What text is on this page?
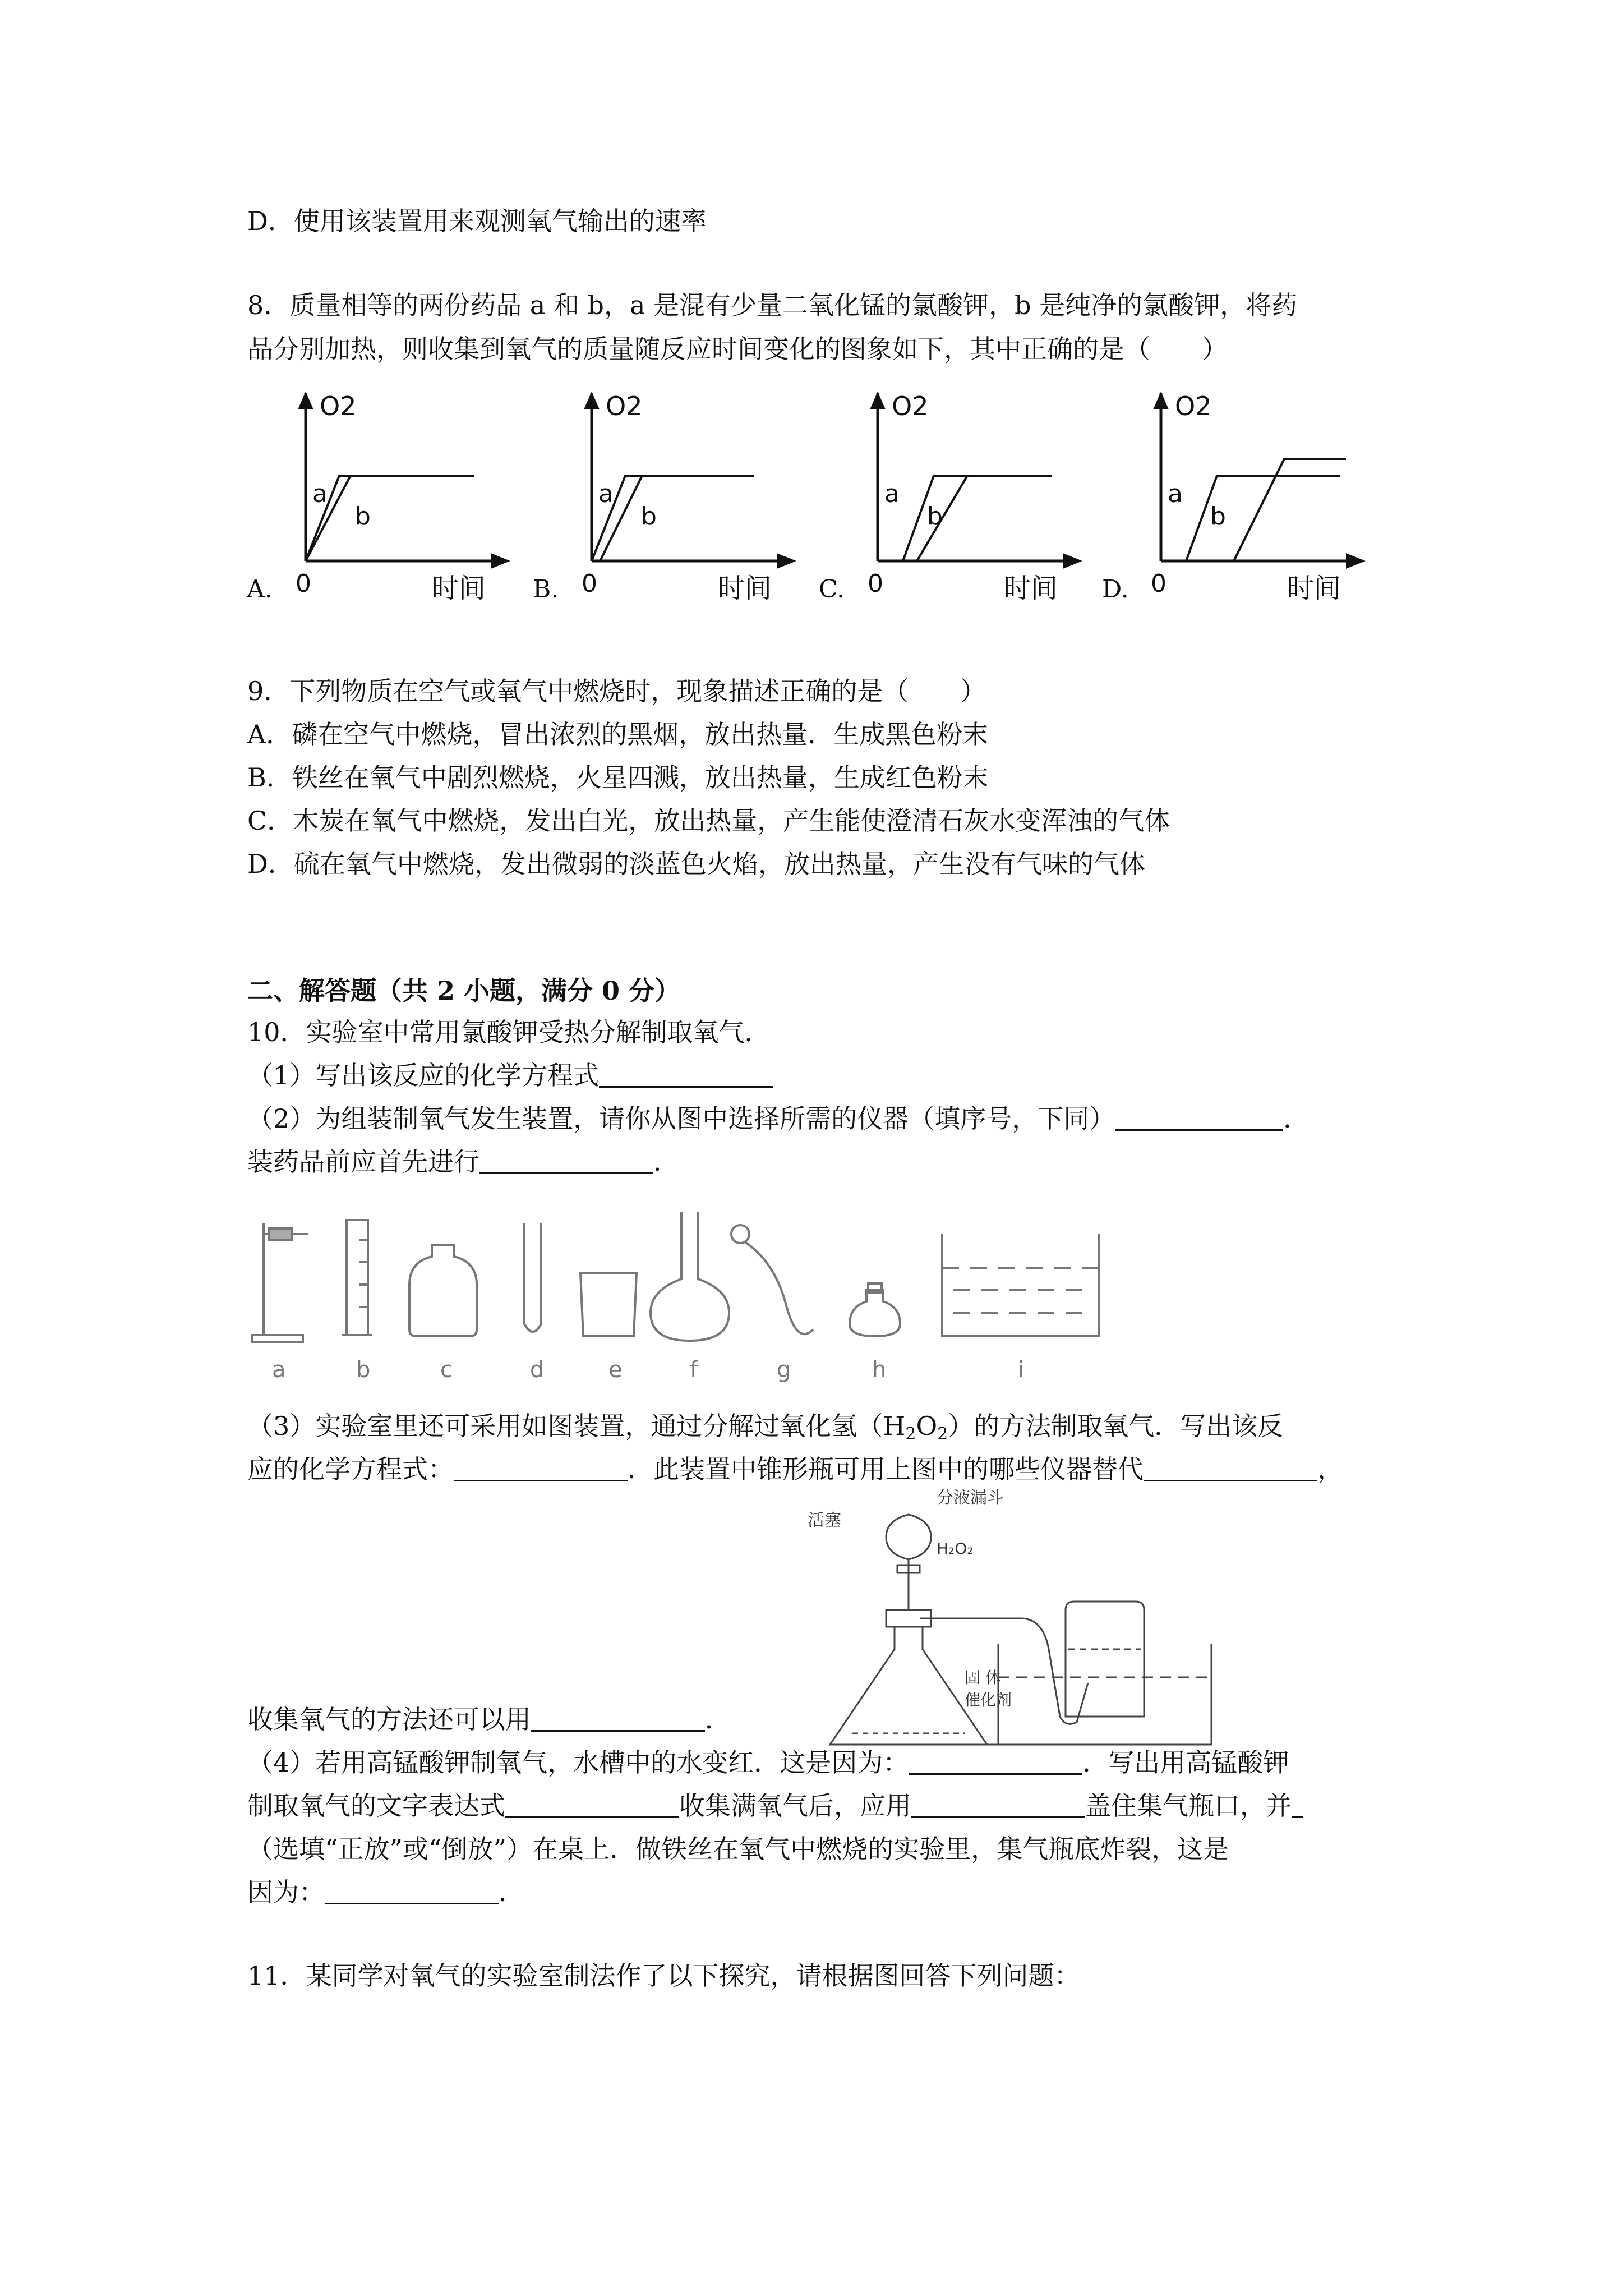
D．使用该装置用来观测氧气输出的速率
8．质量相等的两份药品 a 和 b，a 是混有少量二氧化锰的氯酸钾，b 是纯净的氯酸钾，将药
品分别加热，则收集到氧气的质量随反应时间变化的图象如下，其中正确的是（　　）
O2
a
b
0	时间
A.
O2
a
b
0	时间
B.
O2
a
b
0	时间
C.
O2
a
b
0	时间
D.
9．下列物质在空气或氧气中燃烧时，现象描述正确的是（　　）
A．磷在空气中燃烧，冒出浓烈的黑烟，放出热量．生成黑色粉末
B．铁丝在氧气中剧烈燃烧，火星四溅，放出热量，生成红色粉末
C．木炭在氧气中燃烧，发出白光，放出热量，产生能使澄清石灰水变浑浊的气体
D．硫在氧气中燃烧，发出微弱的淡蓝色火焰，放出热量，产生没有气味的气体
二、解答题（共 2 小题，满分 0 分）
10．实验室中常用氯酸钾受热分解制取氧气．
（1）写出该反应的化学方程式
（2）为组装制氧气发生装置，请你从图中选择所需的仪器（填序号，下同）	．
装药品前应首先进行	．
a	b	c	d	e	f	g	h	i
（3）实验室里还可采用如图装置，通过分解过氧化氢$(H_2O_2)$的方法制取氧气．写出该反
应的化学方程式：	．此装置中锥形瓶可用上图中的哪些仪器替代	，
活塞
分液漏斗
H₂O₂
固 体
催化剂
收集氧气的方法还可以用	．
（4）若用高锰酸钾制氧气，水槽中的水变红．这是因为：	．写出用高锰酸钾
制取氧气的文字表达式	收集满氧气后，应用	盖住集气瓶口，并
（选填“正放”或“倒放”）在桌上．做铁丝在氧气中燃烧的实验里，集气瓶底炸裂，这是
因为：	．
11．某同学对氧气的实验室制法作了以下探究，请根据图回答下列问题：
